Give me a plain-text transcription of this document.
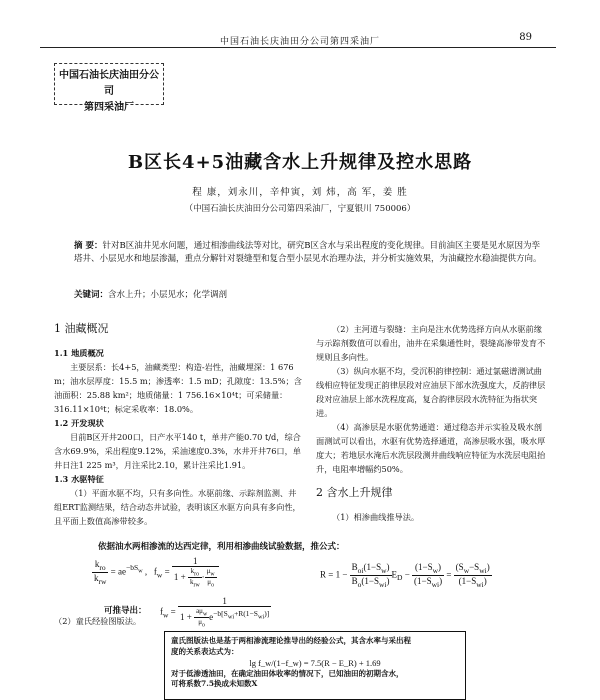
中国石油长庆油田分公司第四采油厂	89
中国石油长庆油田分公司
第四采油厂
B区长4+5油藏含水上升规律及控水思路
程 康，刘永川，辛仲寅，刘 炜，高 军，姜 胜
（中国石油长庆油田分公司第四采油厂，宁夏银川 750006）
摘 要：针对B区油井见水问题，通过相渗曲线法等对比，研究B区含水与采出程度的变化规律。目前油区主要是见水原因为孪塔井、小层见水和地层渗漏，重点分解针对裂缝型和复合型小层见水治理办法，并分析实施效果，为油藏控水稳油提供方向。
关键词：含水上升；小层见水；化学调剖

1 油藏概况

1.1 地质概况

主要层系：长4+5，油藏类型：构造-岩性，油藏埋深：1 676 m；油水层厚度：15.5 m；渗透率：1.5 mD；孔隙度：13.5%；含油面积：25.88 km²；地质储量：1 756.16×10⁴t；可采储量：316.11×10⁴t；标定采收率：18.0%。

1.2 开发现状

目前B区开井200口，日产水平140 t，单井产能0.70 t/d，综合含水69.9%，采出程度9.12%，采油速度0.3%，水井开井76口，单井日注1 225 m³，月注采比2.10，累计注采比1.91。

1.3 水驱特征

（1）平面水驱不均，只有多向性。水驱前缘、示踪剂监测、井组ERT监测结果，结合动态井试验，表明该区水驱方向具有多向性，且平面上数值高渗带较多。

（2）主河道与裂缝：主向是注水优势选择方向从水驱前缘与示踪剂数值可以看出，油井在采集通性时，裂缝高渗带发育不规则且多向性。

（3）纵向水驱不均，受沉积韵律控制：通过氯磁谱测试曲线相应特征发现正韵律层段对应油层下部水洗强度大，反韵律层段对应油层上部水洗程度高，复合韵律层段水洗特征为指状突进。

（4）高渗层是水驱优势通道：通过稳态并示实验及吸水剖面测试可以看出，水驱有优势选择通道，高渗层吸水强，吸水厚度大；若地层水淹后水洗层段测井曲线响应特征为水洗层电阻抬升，电阻率增幅约50%。

2 含水上升规律

（1）相渗曲线推导法。

依据油水两相渗流的达西定律，利用相渗曲线试验数据，推公式：
$\frac{k_{ro}}{k_{rw}} = ae^{-bS_w}$ ,   $f_w = \frac{1}{1 + \frac{k_{ro}}{k_{rw}} \cdot \frac{\mu_w}{\mu_o}}$	$R = 1 - \frac{B_{oi}(1-S_w)}{B_o(1-S_{wi})} E_D - \frac{(1-S_w)}{(1-S_{wi})} = \frac{(S_w-S_{wi})}{(1-S_{wi})}$
可推导出： $f_w = \frac{1}{1 + \frac{a\mu_w}{\mu_o} e^{-b[S_{wi}+R(1-S_{wi})]}}$
（2）童氏经验图版法。
童氏图版法也是基于两相渗流理论推导出的经验公式，其含水率与采出程
度的关系表达式为：
lg f_w/(1−f_w) = 7.5(R − E_R) + 1.69
对于低渗透油田，在确定油田体收率的情况下，已知油田的初期含水，
可将系数7.5换成未知数X
